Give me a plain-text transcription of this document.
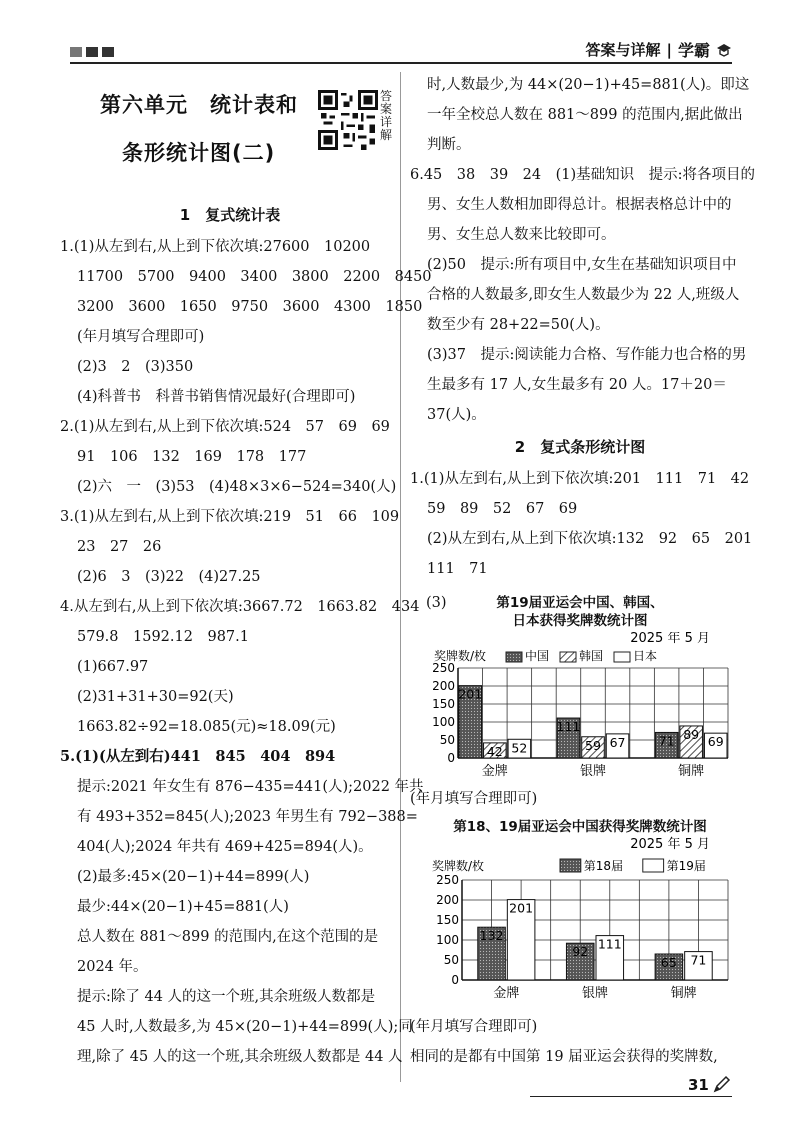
答案与详解 | 学霸
第六单元　统计表和
条形统计图(二)
答案详解
1　 复式统计表
1.(1)从左到右,从上到下依次填:27600　10200
11700　5700　9400　3400　3800　2200　8450
3200　3600　1650　9750　3600　4300　1850
(年月填写合理即可)
(2)3　2　(3)350
(4)科普书　科普书销售情况最好(合理即可)
2.(1)从左到右,从上到下依次填:524　57　69　69
91　106　132　169　178　177
(2)六　一　(3)53　(4)48×3×6−524=340(人)
3.(1)从左到右,从上到下依次填:219　51　66　109
23　27　26
(2)6　3　(3)22　(4)27.25
4.从左到右,从上到下依次填:3667.72　1663.82　434
579.8　1592.12　987.1
(1)667.97
(2)31+31+30=92(天)
1663.82÷92=18.085(元)≈18.09(元)
5.(1)(从左到右)441　845　404　894
提示:2021 年女生有 876−435=441(人);2022 年共
有 493+352=845(人);2023 年男生有 792−388=
404(人);2024 年共有 469+425=894(人)。
(2)最多:45×(20−1)+44=899(人)
最少:44×(20−1)+45=881(人)
总人数在 881～899 的范围内,在这个范围的是
2024 年。
提示:除了 44 人的这一个班,其余班级人数都是
45 人时,人数最多,为 45×(20−1)+44=899(人);同
理,除了 45 人的这一个班,其余班级人数都是 44 人
时,人数最少,为 44×(20−1)+45=881(人)。即这
一年全校总人数在 881～899 的范围内,据此做出
判断。
6.45　38　39　24　(1)基础知识　提示:将各项目的
男、女生人数相加即得总计。根据表格总计中的
男、女生总人数来比较即可。
(2)50　提示:所有项目中,女生在基础知识项目中
合格的人数最多,即女生人数最少为 22 人,班级人
数至少有 28+22=50(人)。
(3)37　提示:阅读能力合格、写作能力也合格的男
生最多有 17 人,女生最多有 20 人。17＋20＝
37(人)。
2　 复式条形统计图
1.(1)从左到右,从上到下依次填:201　111　71　42
59　89　52　67　69
(2)从左到右,从上到下依次填:132　92　65　201
111　71
(3)	第19届亚运会中国、韩国、
日本获得奖牌数统计图
2025 年 5 月
奖牌数/枚	中国 韩国 日本
0
50
100
150
200
250
201
42 52
金牌
111
59 67
银牌
71 89 69
铜牌
(年月填写合理即可)
第18、19届亚运会中国获得奖牌数统计图
2025 年 5 月
奖牌数/枚	第18届	第19届
0
50
100
150
200
250
132
201
金牌
92
111
银牌
65 71
铜牌
(年月填写合理即可)
相同的是都有中国第 19 届亚运会获得的奖牌数,
31
